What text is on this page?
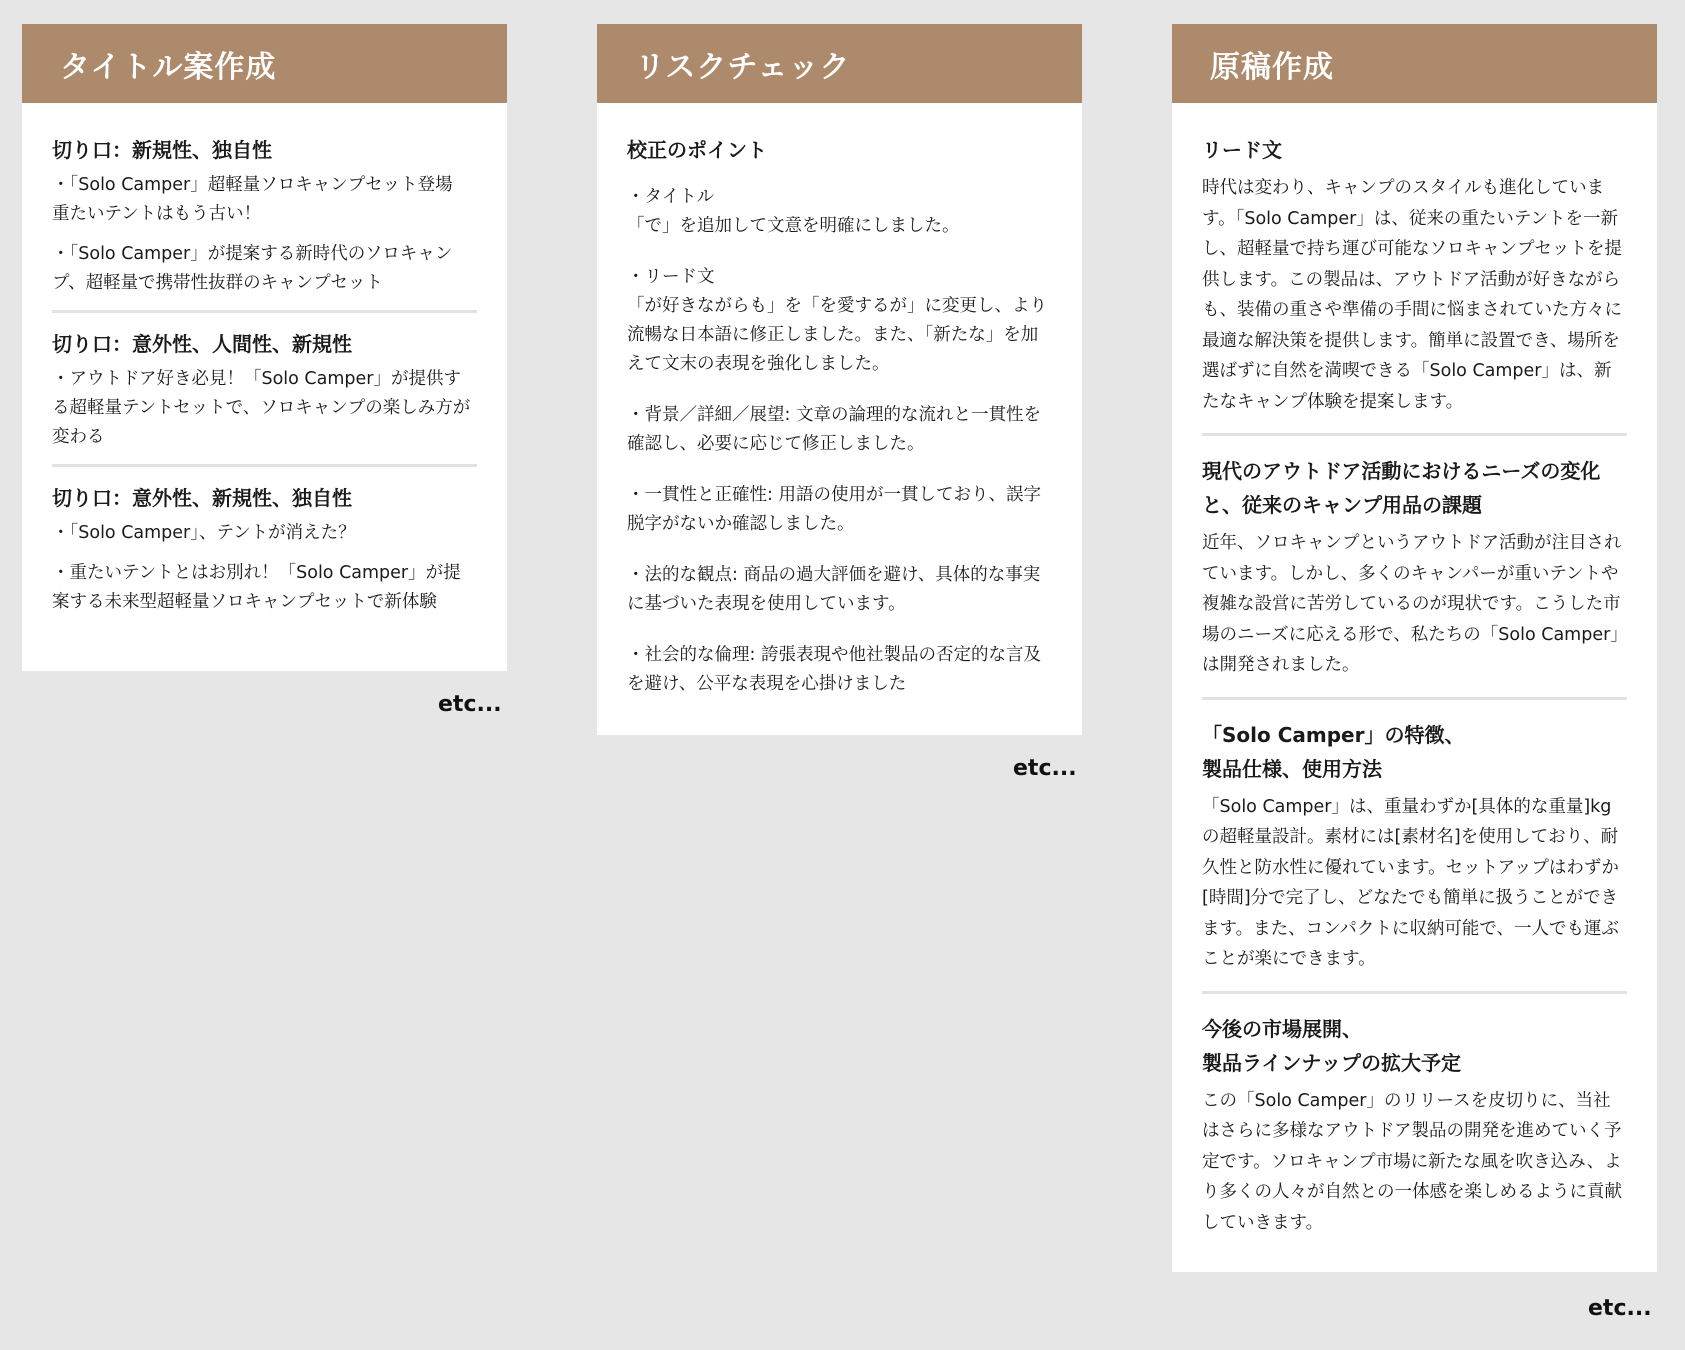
タイトル案作成
切り口：新規性、独自性
・「Solo Camper」超軽量ソロキャンプセット登場
重たいテントはもう古い！
・「Solo Camper」が提案する新時代のソロキャンプ、超軽量で携帯性抜群のキャンプセット
切り口：意外性、人間性、新規性
・アウトドア好き必見！「Solo Camper」が提供する超軽量テントセットで、ソロキャンプの楽しみ方が変わる
切り口：意外性、新規性、独自性
・「Solo Camper」、テントが消えた？
・重たいテントとはお別れ！「Solo Camper」が提案する未来型超軽量ソロキャンプセットで新体験
リスクチェック
校正のポイント
・タイトル
「で」を追加して文意を明確にしました。
・リード文
「が好きながらも」を「を愛するが」に変更し、より流暢な日本語に修正しました。また、「新たな」を加えて文末の表現を強化しました。
・背景／詳細／展望: 文章の論理的な流れと一貫性を確認し、必要に応じて修正しました。
・一貫性と正確性: 用語の使用が一貫しており、誤字脱字がないか確認しました。
・法的な観点: 商品の過大評価を避け、具体的な事実に基づいた表現を使用しています。
・社会的な倫理: 誇張表現や他社製品の否定的な言及を避け、公平な表現を心掛けました
原稿作成
リード文
時代は変わり、キャンプのスタイルも進化しています。「Solo Camper」は、従来の重たいテントを一新し、超軽量で持ち運び可能なソロキャンプセットを提供します。この製品は、アウトドア活動が好きながらも、装備の重さや準備の手間に悩まされていた方々に最適な解決策を提供します。簡単に設置でき、場所を選ばずに自然を満喫できる「Solo Camper」は、新たなキャンプ体験を提案します。
現代のアウトドア活動におけるニーズの変化と、従来のキャンプ用品の課題
近年、ソロキャンプというアウトドア活動が注目されています。しかし、多くのキャンパーが重いテントや複雑な設営に苦労しているのが現状です。こうした市場のニーズに応える形で、私たちの「Solo Camper」は開発されました。
「Solo Camper」の特徴、
製品仕様、使用方法
「Solo Camper」は、重量わずか[具体的な重量]kgの超軽量設計。素材には[素材名]を使用しており、耐久性と防水性に優れています。セットアップはわずか[時間]分で完了し、どなたでも簡単に扱うことができます。また、コンパクトに収納可能で、一人でも運ぶことが楽にできます。
今後の市場展開、
製品ラインナップの拡大予定
この「Solo Camper」のリリースを皮切りに、当社はさらに多様なアウトドア製品の開発を進めていく予定です。ソロキャンプ市場に新たな風を吹き込み、より多くの人々が自然との一体感を楽しめるように貢献していきます。
etc...
etc...
etc...
